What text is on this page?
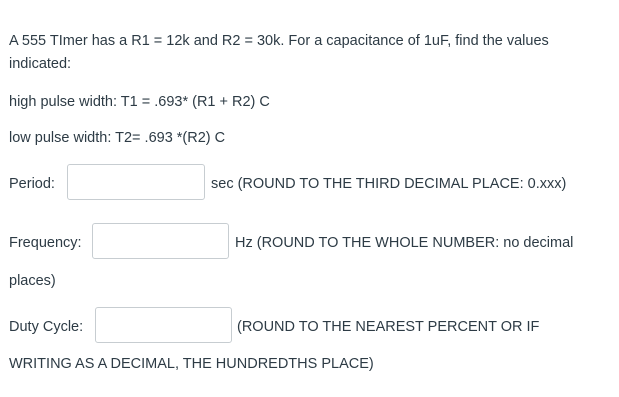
A 555 TImer has a R1 = 12k and R2 = 30k. For a capacitance of 1uF, find the values
indicated:
high pulse width: T1 = .693* (R1 + R2) C
low pulse width: T2= .693 *(R2) C
Period:	sec (ROUND TO THE THIRD DECIMAL PLACE: 0.xxx)
Frequency:	Hz (ROUND TO THE WHOLE NUMBER: no decimal
places)
Duty Cycle:	(ROUND TO THE NEAREST PERCENT OR IF
WRITING AS A DECIMAL, THE HUNDREDTHS PLACE)
